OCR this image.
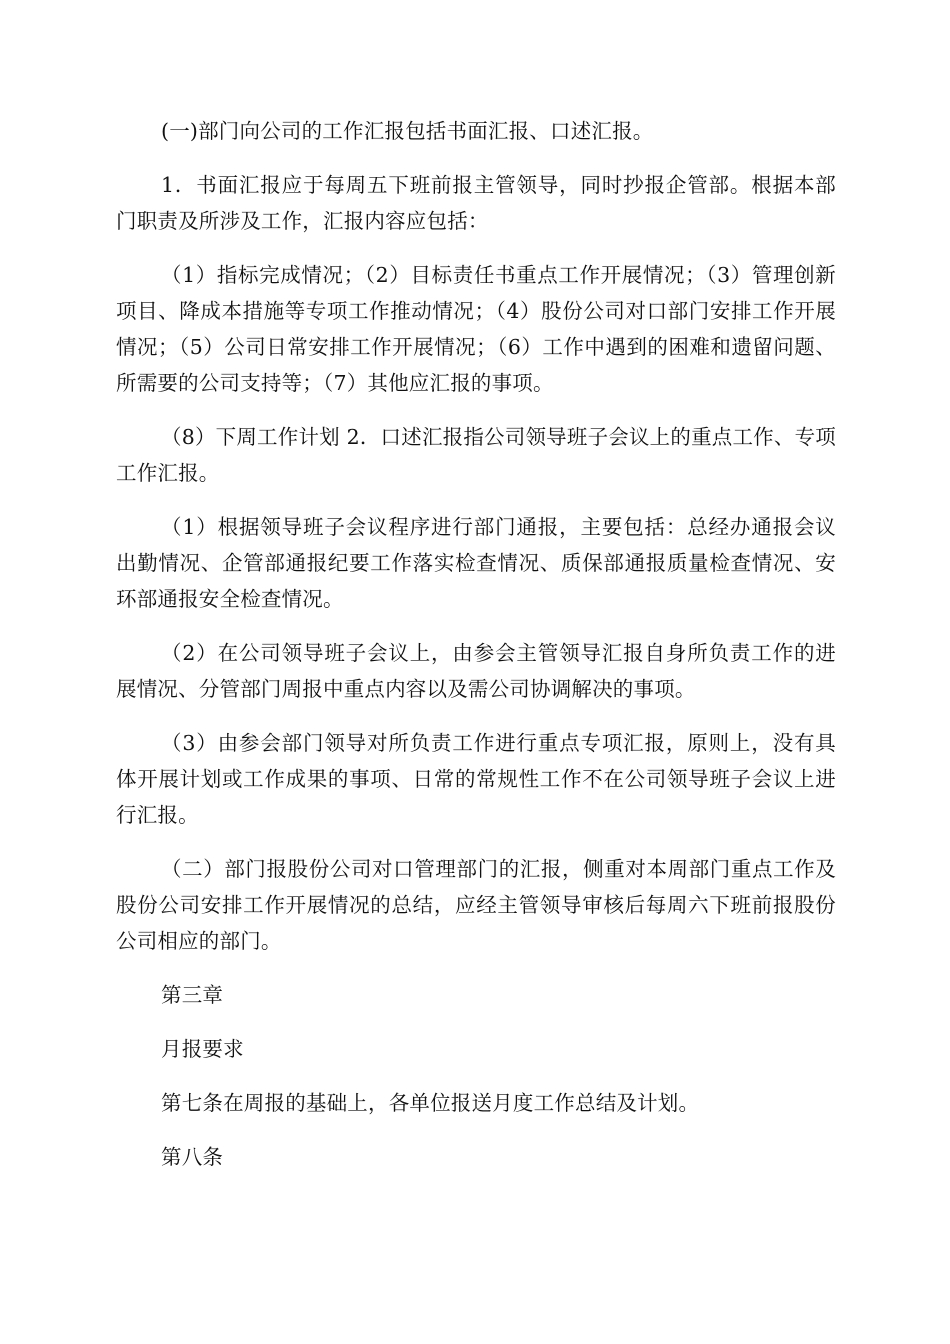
(一)部门向公司的工作汇报包括书面汇报、口述汇报。

1．书面汇报应于每周五下班前报主管领导，同时抄报企管部。根据本部门职责及所涉及工作，汇报内容应包括：

（1）指标完成情况；（2）目标责任书重点工作开展情况；（3）管理创新项目、降成本措施等专项工作推动情况；（4）股份公司对口部门安排工作开展情况；（5）公司日常安排工作开展情况；（6）工作中遇到的困难和遗留问题、所需要的公司支持等；（7）其他应汇报的事项。

（8）下周工作计划 2．口述汇报指公司领导班子会议上的重点工作、专项工作汇报。

（1）根据领导班子会议程序进行部门通报，主要包括：总经办通报会议出勤情况、企管部通报纪要工作落实检查情况、质保部通报质量检查情况、安环部通报安全检查情况。

（2）在公司领导班子会议上，由参会主管领导汇报自身所负责工作的进展情况、分管部门周报中重点内容以及需公司协调解决的事项。

（3）由参会部门领导对所负责工作进行重点专项汇报，原则上，没有具体开展计划或工作成果的事项、日常的常规性工作不在公司领导班子会议上进行汇报。

（二）部门报股份公司对口管理部门的汇报，侧重对本周部门重点工作及股份公司安排工作开展情况的总结，应经主管领导审核后每周六下班前报股份公司相应的部门。

第三章

月报要求

第七条在周报的基础上，各单位报送月度工作总结及计划。

第八条
